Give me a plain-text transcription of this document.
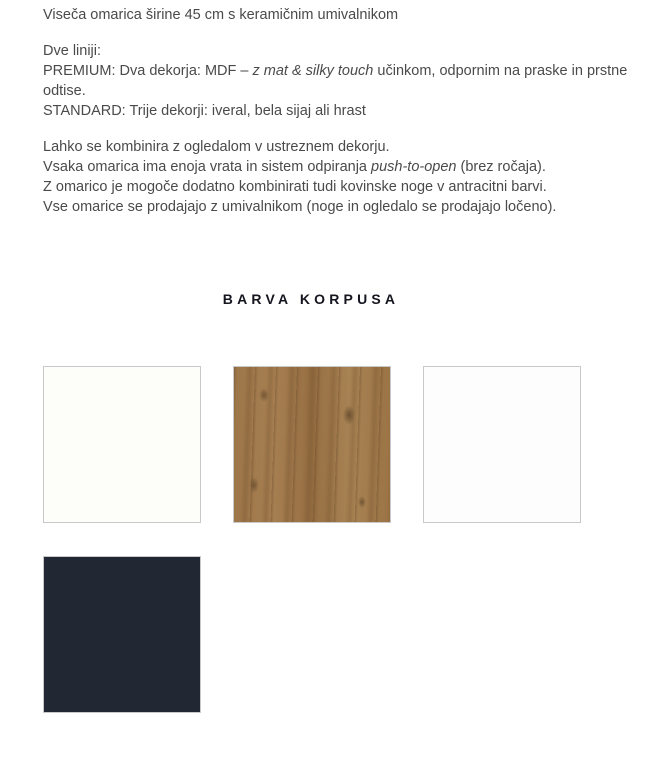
Viseča omarica širine 45 cm s keramičnim umivalnikom

Dve liniji:
PREMIUM: Dva dekorja: MDF – z mat & silky touch učinkom, odpornim na praske in prstne odtise.
STANDARD: Trije dekorji: iveral, bela sijaj ali hrast

Lahko se kombinira z ogledalom v ustreznem dekorju.
Vsaka omarica ima enoja vrata in sistem odpiranja push-to-open (brez ročaja).
Z omarico je mogoče dodatno kombinirati tudi kovinske noge v antracitni barvi.
Vse omarice se prodajajo z umivalnikom (noge in ogledalo se prodajajo ločeno).

BARVA KORPUSA
